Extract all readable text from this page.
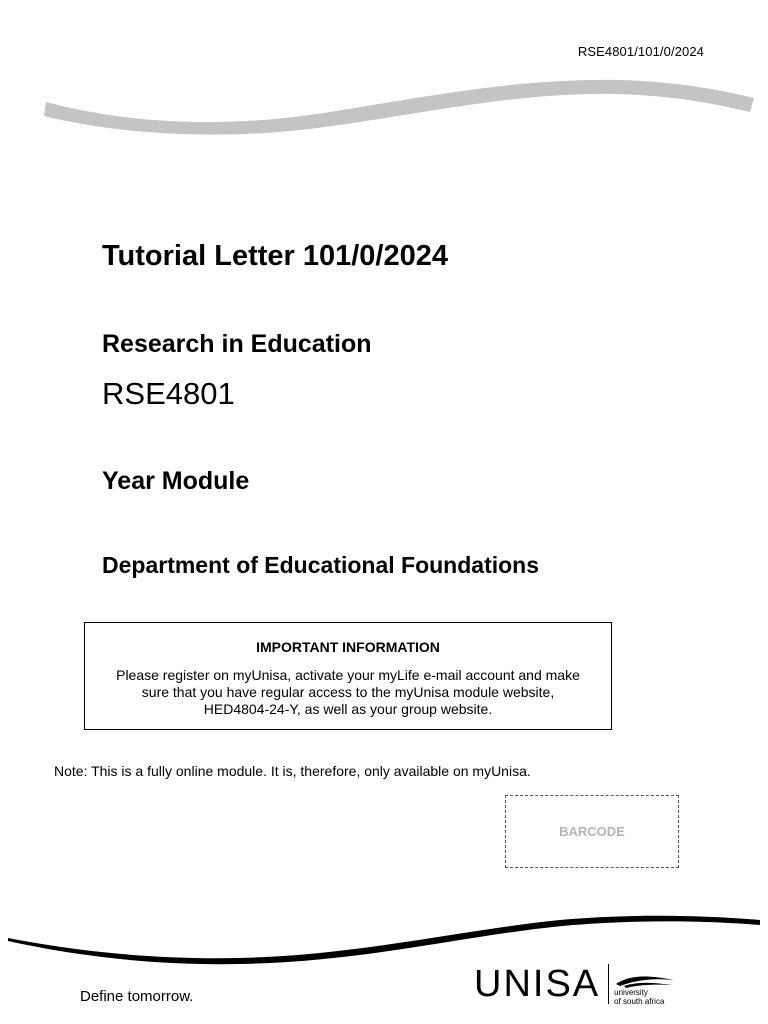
RSE4801/101/0/2024
Tutorial Letter 101/0/2024
Research in Education
RSE4801
Year Module
Department of Educational Foundations
IMPORTANT INFORMATION
Please register on myUnisa, activate your myLife e-mail account and make sure that you have regular access to the myUnisa module website, HED4804-24-Y, as well as your group website.
Note: This is a fully online module. It is, therefore, only available on myUnisa.
BARCODE
Define tomorrow.	UNISA university
of south africa
